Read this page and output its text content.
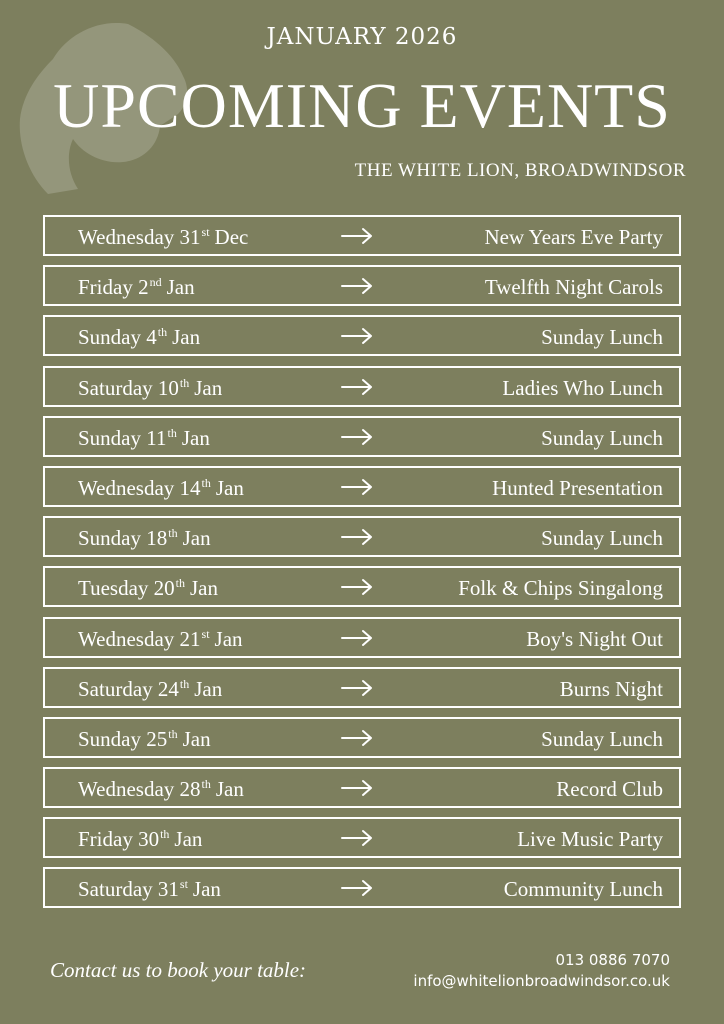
JANUARY 2026
UPCOMING EVENTS
THE WHITE LION, BROADWINDSOR
Wednesday 31st Dec	New Years Eve Party
Friday 2nd Jan	Twelfth Night Carols
Sunday 4th Jan	Sunday Lunch
Saturday 10th Jan	Ladies Who Lunch
Sunday 11th Jan	Sunday Lunch
Wednesday 14th Jan	Hunted Presentation
Sunday 18th Jan	Sunday Lunch
Tuesday 20th Jan	Folk & Chips Singalong
Wednesday 21st Jan	Boy's Night Out
Saturday 24th Jan	Burns Night
Sunday 25th Jan	Sunday Lunch
Wednesday 28th Jan	Record Club
Friday 30th Jan	Live Music Party
Saturday 31st Jan	Community Lunch
Contact us to book your table:	013 0886 7070
info@whitelionbroadwindsor.co.uk
